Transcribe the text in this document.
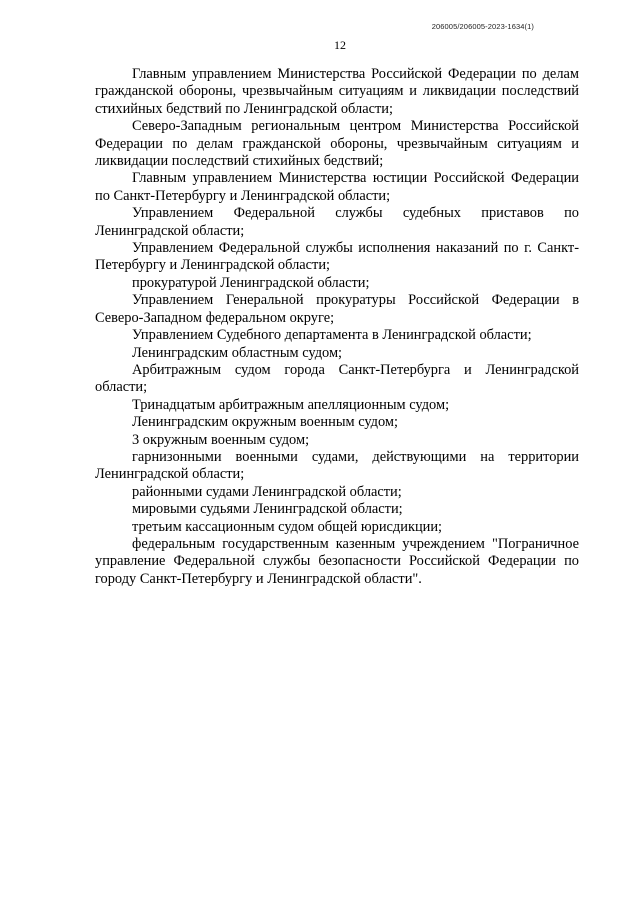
206005/206005-2023-1634(1)
12

Главным управлением Министерства Российской Федерации по делам гражданской обороны, чрезвычайным ситуациям и ликвидации последствий стихийных бедствий по Ленинградской области;

Северо-Западным региональным центром Министерства Российской Федерации по делам гражданской обороны, чрезвычайным ситуациям и ликвидации последствий стихийных бедствий;

Главным управлением Министерства юстиции Российской Федерации по Санкт-Петербургу и Ленинградской области;

Управлением Федеральной службы судебных приставов по Ленинградской области;

Управлением Федеральной службы исполнения наказаний по г. Санкт-Петербургу и Ленинградской области;

прокуратурой Ленинградской области;

Управлением Генеральной прокуратуры Российской Федерации в Северо-Западном федеральном округе;

Управлением Судебного департамента в Ленинградской области;

Ленинградским областным судом;

Арбитражным судом города Санкт-Петербурга и Ленинградской области;

Тринадцатым арбитражным апелляционным судом;

Ленинградским окружным военным судом;

3 окружным военным судом;

гарнизонными военными судами, действующими на территории Ленинградской области;

районными судами Ленинградской области;

мировыми судьями Ленинградской области;

третьим кассационным судом общей юрисдикции;

федеральным государственным казенным учреждением "Пограничное управление Федеральной службы безопасности Российской Федерации по городу Санкт-Петербургу и Ленинградской области".
